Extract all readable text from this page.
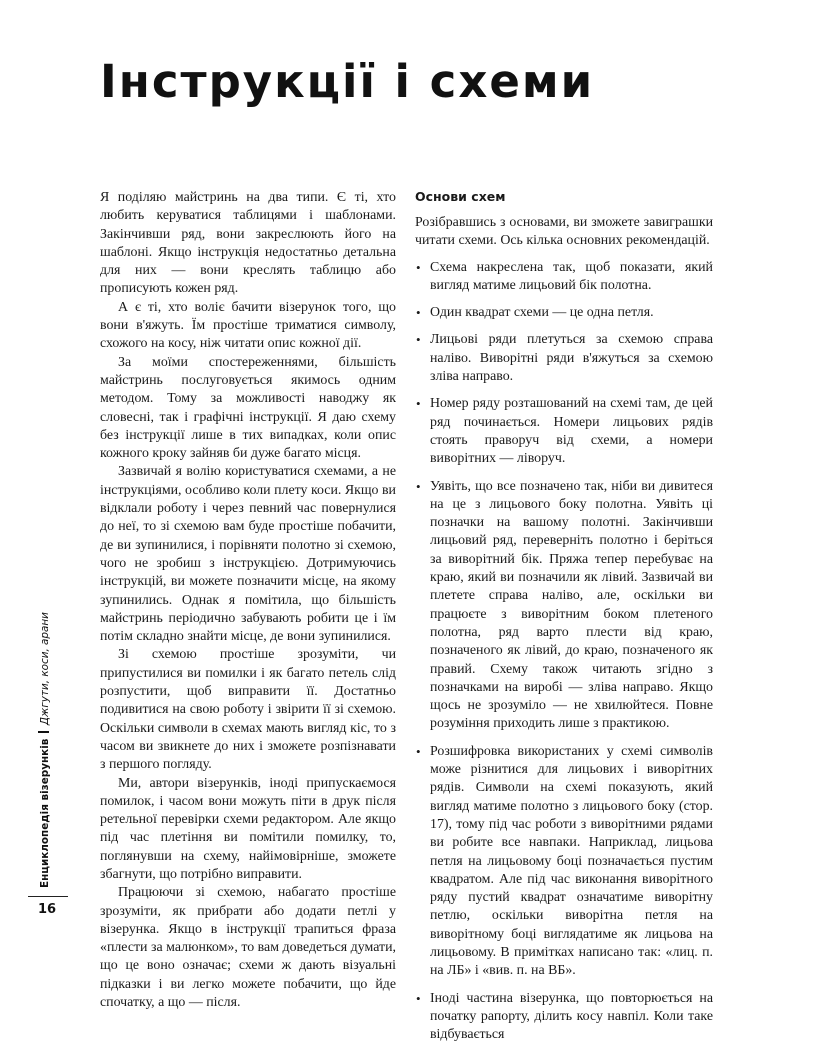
Інструкції і схеми

Я поділяю майстринь на два типи. Є ті, хто любить керуватися таблицями і шаблонами. Закінчивши ряд, вони закреслюють його на шаблоні. Якщо інструкція недостатньо детальна для них — вони креслять таблицю або прописують кожен ряд.

А є ті, хто воліє бачити візерунок того, що вони в'яжуть. Їм простіше триматися символу, схожого на косу, ніж читати опис кожної дії.

За моїми спостереженнями, більшість майстринь послуговується якимось одним методом. Тому за можливості наводжу як словесні, так і графічні інструкції. Я даю схему без інструкції лише в тих випадках, коли опис кожного кроку зайняв би дуже багато місця.

Зазвичай я волію користуватися схемами, а не інструкціями, особливо коли плету коси. Якщо ви відклали роботу і через певний час повернулися до неї, то зі схемою вам буде простіше побачити, де ви зупинилися, і порівняти полотно зі схемою, чого не зробиш з інструкцією. Дотримуючись інструкцій, ви можете позначити місце, на якому зупинились. Однак я помітила, що більшість майстринь періодично забувають робити це і їм потім складно знайти місце, де вони зупинилися.

Зі схемою простіше зрозуміти, чи припустилися ви помилки і як багато петель слід розпустити, щоб виправити її. Достатньо подивитися на свою роботу і звірити її зі схемою. Оскільки символи в схемах мають вигляд кіс, то з часом ви звикнете до них і зможете розпізнавати з першого погляду.

Ми, автори візерунків, іноді припускаємося помилок, і часом вони можуть піти в друк після ретельної перевірки схеми редактором. Але якщо під час плетіння ви помітили помилку, то, поглянувши на схему, найімовірніше, зможете збагнути, що потрібно виправити.

Працюючи зі схемою, набагато простіше зрозуміти, як прибрати або додати петлі у візерунка. Якщо в інструкції трапиться фраза «плести за малюнком», то вам доведеться думати, що це воно означає; схеми ж дають візуальні підказки і ви легко можете побачити, що йде спочатку, а що — після.

Основи схем

Розібравшись з основами, ви зможете завиграшки читати схеми. Ось кілька основних рекомендацій.

• Схема накреслена так, щоб показати, який вигляд матиме лицьовий бік полотна.
• Один квадрат схеми — це одна петля.
• Лицьові ряди плетуться за схемою справа наліво. Виворітні ряди в'яжуться за схемою зліва направо.
• Номер ряду розташований на схемі там, де цей ряд починається. Номери лицьових рядів стоять праворуч від схеми, а номери виворітних — ліворуч.
• Уявіть, що все позначено так, ніби ви дивитеся на це з лицьового боку полотна. Уявіть ці позначки на вашому полотні. Закінчивши лицьовий ряд, переверніть полотно і беріться за виворітний бік. Пряжа тепер перебуває на краю, який ви позначили як лівий. Зазвичай ви плетете справа наліво, але, оскільки ви працюєте з виворітним боком плетеного полотна, ряд варто плести від краю, позначеного як лівий, до краю, позначеного як правий. Схему також читають згідно з позначками на виробі — зліва направо. Якщо щось не зрозуміло — не хвилюйтеся. Повне розуміння приходить лише з практикою.
• Розшифровка використаних у схемі символів може різнитися для лицьових і виворітних рядів. Символи на схемі показують, який вигляд матиме полотно з лицьового боку (стор. 17), тому під час роботи з виворітними рядами ви робите все навпаки. Наприклад, лицьова петля на лицьовому боці позначається пустим квадратом. Але під час виконання виворітного ряду пустий квадрат означатиме виворітну петлю, оскільки виворітна петля на виворітному боці виглядатиме як лицьова на лицьовому. В примітках написано так: «лиц. п. на ЛБ» і «вив. п. на ВБ».
• Іноді частина візерунка, що повторюється на початку рапорту, ділить косу навпіл. Коли таке відбувається
Енциклопедія візерунківДжгути, коси, арани
16
